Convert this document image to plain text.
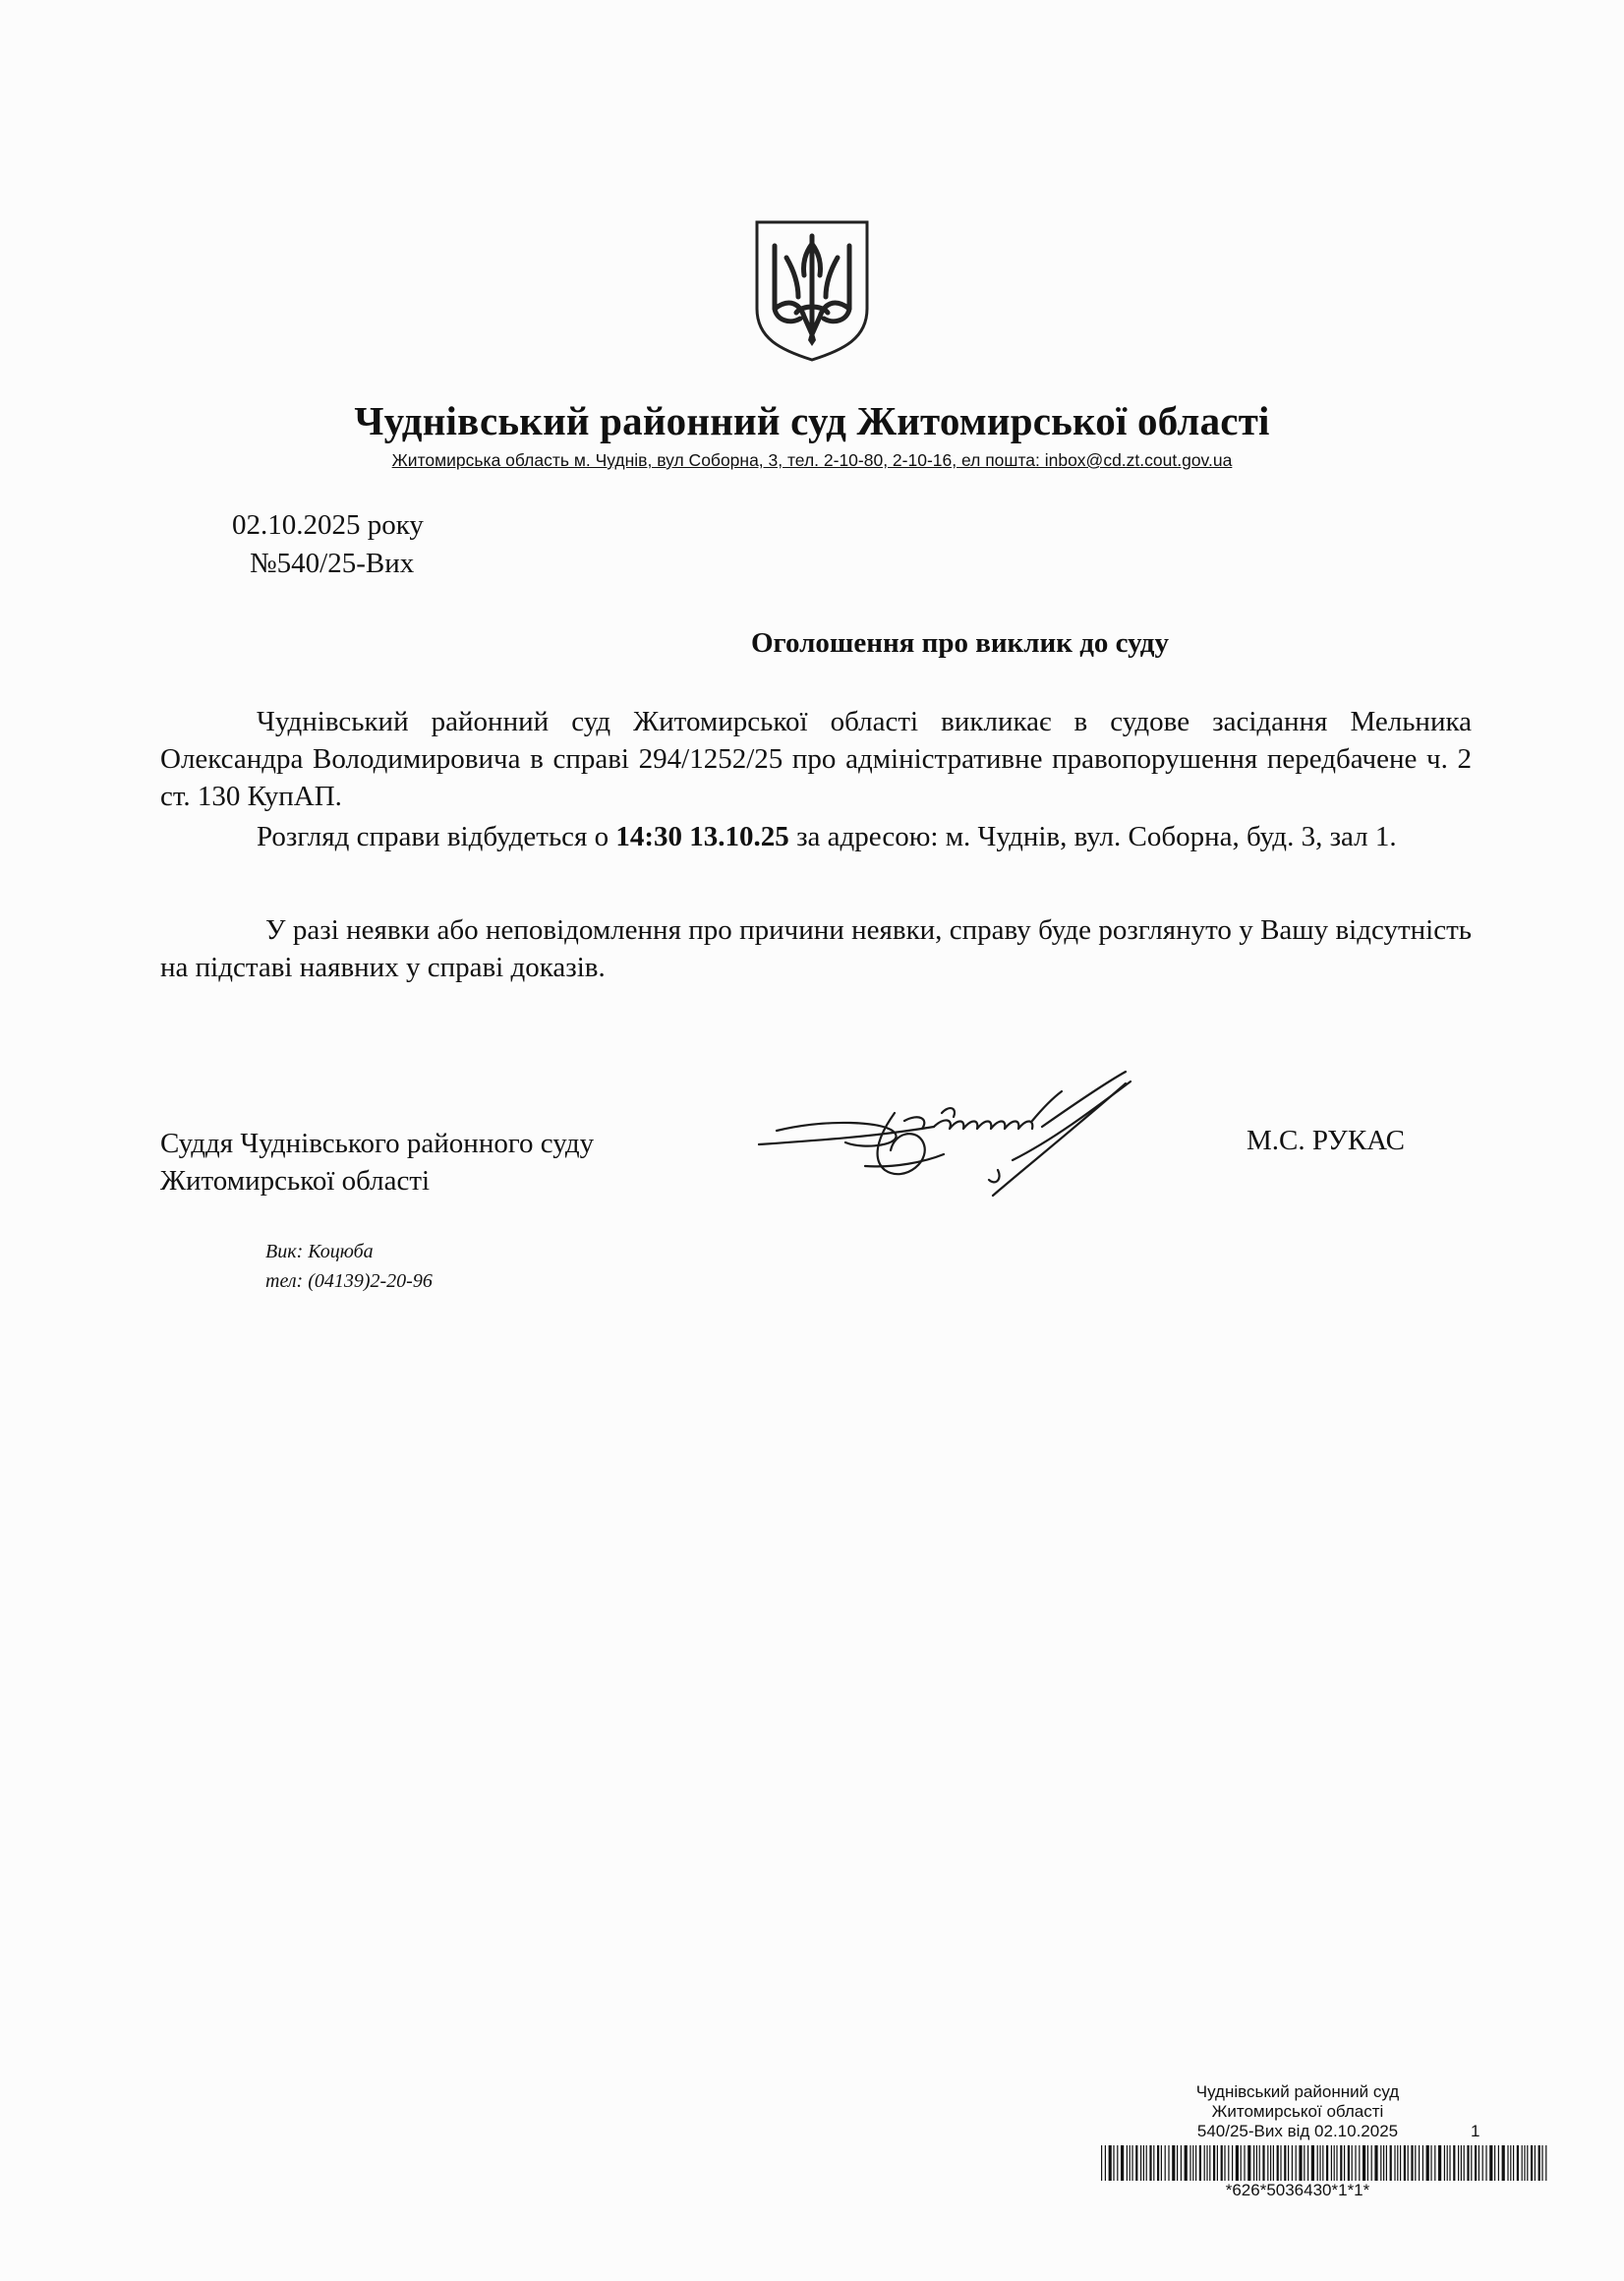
Чуднівський районний суд Житомирської області
Житомирська область м. Чуднів, вул Соборна, 3, тел. 2-10-80, 2-10-16, ел пошта: inbox@cd.zt.cout.gov.ua
02.10.2025 року
№540/25-Вих
Оголошення про виклик до суду

Чуднівський районний суд Житомирської області викликає в судове засідання Мельника Олександра Володимировича в справі 294/1252/25 про адміністративне правопорушення передбачене ч. 2 ст. 130 КупАП.

Розгляд справи відбудеться о 14:30 13.10.25 за адресою: м. Чуднів, вул. Соборна, буд. 3, зал 1.

У разі неявки або неповідомлення про причини неявки, справу буде розглянуто у Вашу відсутність на підставі наявних у справі доказів.

Суддя Чуднівського районного суду
Житомирської області
М.С. РУКАС
Вик: Коцюба
тел: (04139)2-20-96
Чуднівський районний суд
Житомирської області
540/25-Вих від 02.10.2025	1
*626*5036430*1*1*
